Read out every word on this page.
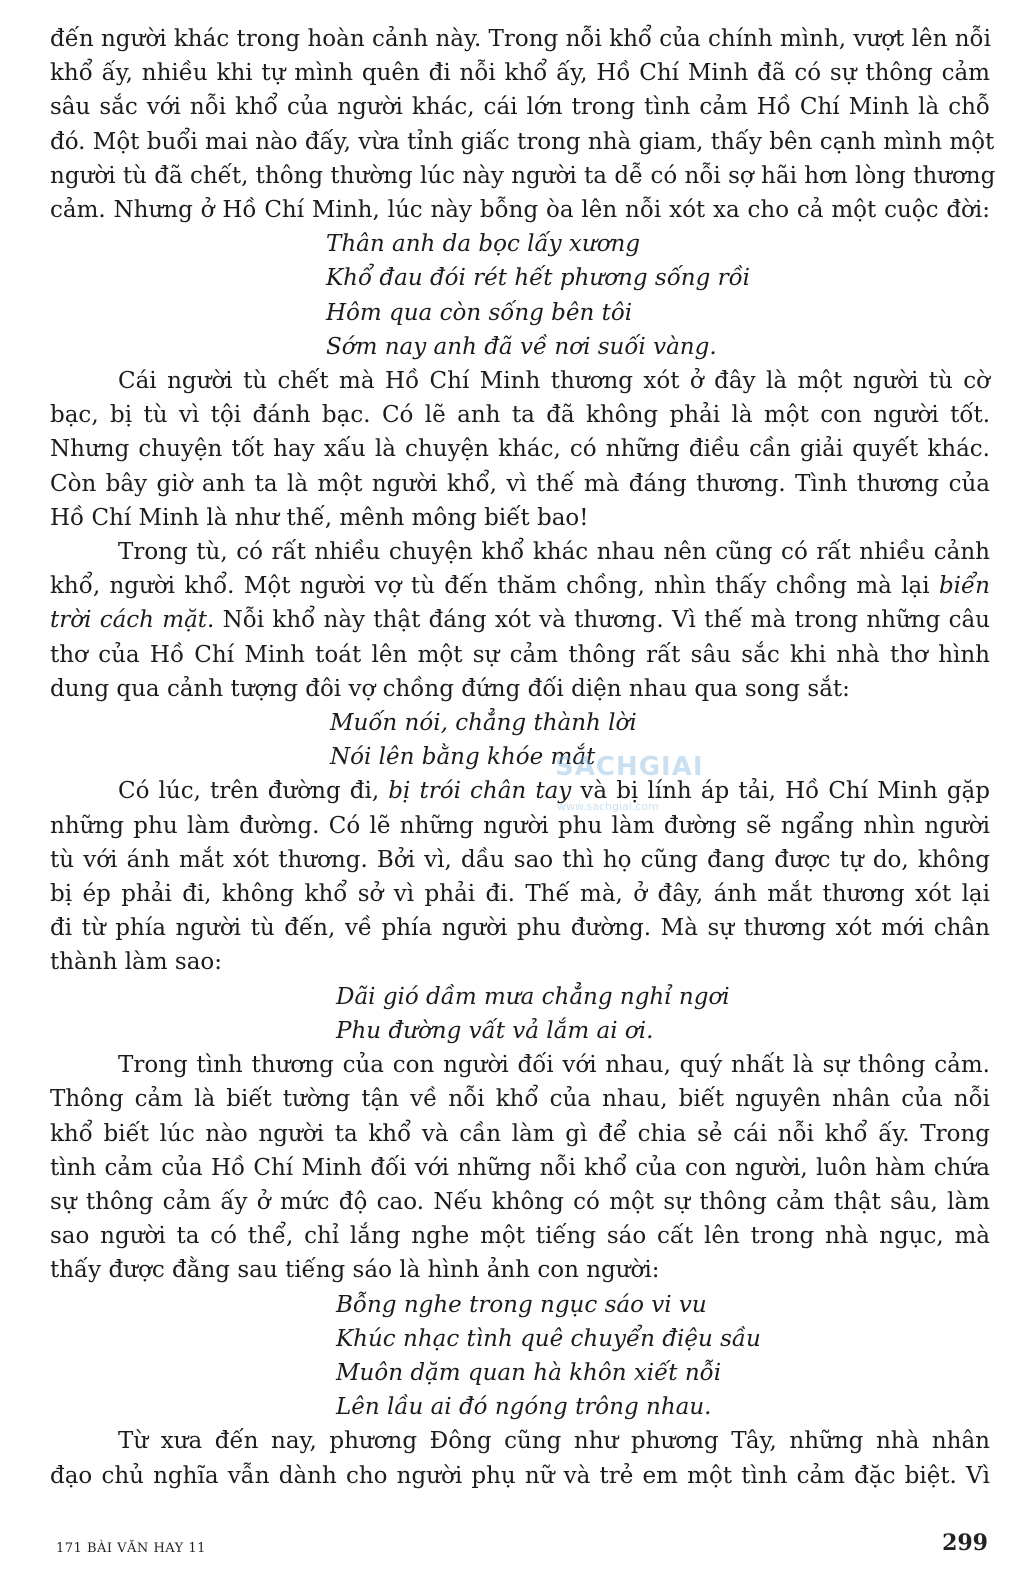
đến người khác trong hoàn cảnh này. Trong nỗi khổ của chính mình, vượt lên nỗi
khổ ấy, nhiều khi tự mình quên đi nỗi khổ ấy, Hồ Chí Minh đã có sự thông cảm
sâu sắc với nỗi khổ của người khác, cái lớn trong tình cảm Hồ Chí Minh là chỗ
đó. Một buổi mai nào đấy, vừa tỉnh giấc trong nhà giam, thấy bên cạnh mình một
người tù đã chết, thông thường lúc này người ta dễ có nỗi sợ hãi hơn lòng thương
cảm. Nhưng ở Hồ Chí Minh, lúc này bỗng òa lên nỗi xót xa cho cả một cuộc đời:
Thân anh da bọc lấy xương
Khổ đau đói rét hết phương sống rồi
Hôm qua còn sống bên tôi
Sớm nay anh đã về nơi suối vàng.
Cái người tù chết mà Hồ Chí Minh thương xót ở đây là một người tù cờ
bạc, bị tù vì tội đánh bạc. Có lẽ anh ta đã không phải là một con người tốt.
Nhưng chuyện tốt hay xấu là chuyện khác, có những điều cần giải quyết khác.
Còn bây giờ anh ta là một người khổ, vì thế mà đáng thương. Tình thương của
Hồ Chí Minh là như thế, mênh mông biết bao!
Trong tù, có rất nhiều chuyện khổ khác nhau nên cũng có rất nhiều cảnh
khổ, người khổ. Một người vợ tù đến thăm chồng, nhìn thấy chồng mà lại biển
trời cách mặt. Nỗi khổ này thật đáng xót và thương. Vì thế mà trong những câu
thơ của Hồ Chí Minh toát lên một sự cảm thông rất sâu sắc khi nhà thơ hình
dung qua cảnh tượng đôi vợ chồng đứng đối diện nhau qua song sắt:
Muốn nói, chẳng thành lời
Nói lên bằng khóe mắt
Có lúc, trên đường đi, bị trói chân tay và bị lính áp tải, Hồ Chí Minh gặp
những phu làm đường. Có lẽ những người phu làm đường sẽ ngẩng nhìn người
tù với ánh mắt xót thương. Bởi vì, dầu sao thì họ cũng đang được tự do, không
bị ép phải đi, không khổ sở vì phải đi. Thế mà, ở đây, ánh mắt thương xót lại
đi từ phía người tù đến, về phía người phu đường. Mà sự thương xót mới chân
thành làm sao:
Dãi gió dầm mưa chẳng nghỉ ngơi
Phu đường vất vả lắm ai ơi.
Trong tình thương của con người đối với nhau, quý nhất là sự thông cảm.
Thông cảm là biết tường tận về nỗi khổ của nhau, biết nguyên nhân của nỗi
khổ biết lúc nào người ta khổ và cần làm gì để chia sẻ cái nỗi khổ ấy. Trong
tình cảm của Hồ Chí Minh đối với những nỗi khổ của con người, luôn hàm chứa
sự thông cảm ấy ở mức độ cao. Nếu không có một sự thông cảm thật sâu, làm
sao người ta có thể, chỉ lắng nghe một tiếng sáo cất lên trong nhà ngục, mà
thấy được đằng sau tiếng sáo là hình ảnh con người:
Bỗng nghe trong ngục sáo vi vu
Khúc nhạc tình quê chuyển điệu sầu
Muôn dặm quan hà khôn xiết nỗi
Lên lầu ai đó ngóng trông nhau.
Từ xưa đến nay, phương Đông cũng như phương Tây, những nhà nhân
đạo chủ nghĩa vẫn dành cho người phụ nữ và trẻ em một tình cảm đặc biệt. Vì
SACHGIAI
www.sachgiai.com
171 BÀI VĂN HAY 11	299
